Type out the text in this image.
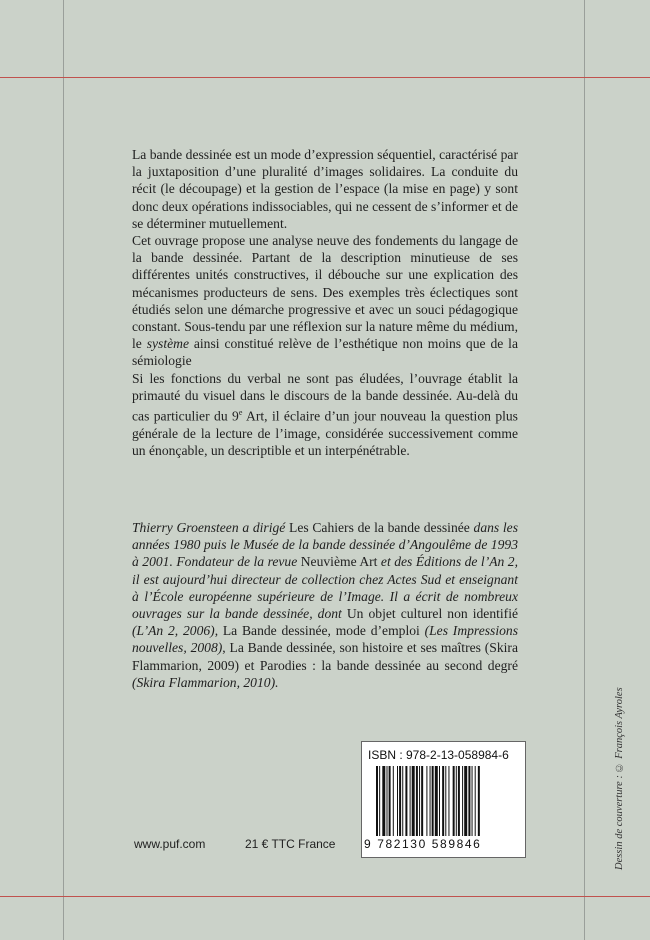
La bande dessinée est un mode d’expression séquentiel, caractérisé par la juxtaposition d’une pluralité d’images solidaires. La conduite du récit (le découpage) et la gestion de l’espace (la mise en page) y sont donc deux opérations indissociables, qui ne cessent de s’informer et de se déterminer mutuellement.

Cet ouvrage propose une analyse neuve des fondements du langage de la bande dessinée. Partant de la description minutieuse de ses différentes unités constructives, il débouche sur une explication des mécanismes producteurs de sens. Des exemples très éclectiques sont étudiés selon une démarche progressive et avec un souci pédagogique constant. Sous-tendu par une réflexion sur la nature même du médium, le système ainsi constitué relève de l’esthétique non moins que de la sémiologie

Si les fonctions du verbal ne sont pas éludées, l’ouvrage établit la primauté du visuel dans le discours de la bande dessinée. Au-delà du cas particulier du 9e Art, il éclaire d’un jour nouveau la question plus générale de la lecture de l’image, considérée successivement comme un énonçable, un descriptible et un interpénétrable.

Thierry Groensteen a dirigé Les Cahiers de la bande dessinée dans les années 1980 puis le Musée de la bande dessinée d’Angoulême de 1993 à 2001. Fondateur de la revue Neuvième Art et des Éditions de l’An 2, il est aujourd’hui directeur de collection chez Actes Sud et enseignant à l’École européenne supérieure de l’Image. Il a écrit de nombreux ouvrages sur la bande dessinée, dont Un objet culturel non identifié (L’An 2, 2006), La Bande dessinée, mode d’emploi (Les Impressions nouvelles, 2008), La Bande dessinée, son histoire et ses maîtres (Skira Flammarion, 2009) et Parodies : la bande dessinée au second degré (Skira Flammarion, 2010).

www.puf.com	21 € TTC France
ISBN : 978-2-13-058984-6
9 782130 589846	Dessin de couverture : © François Ayroles
